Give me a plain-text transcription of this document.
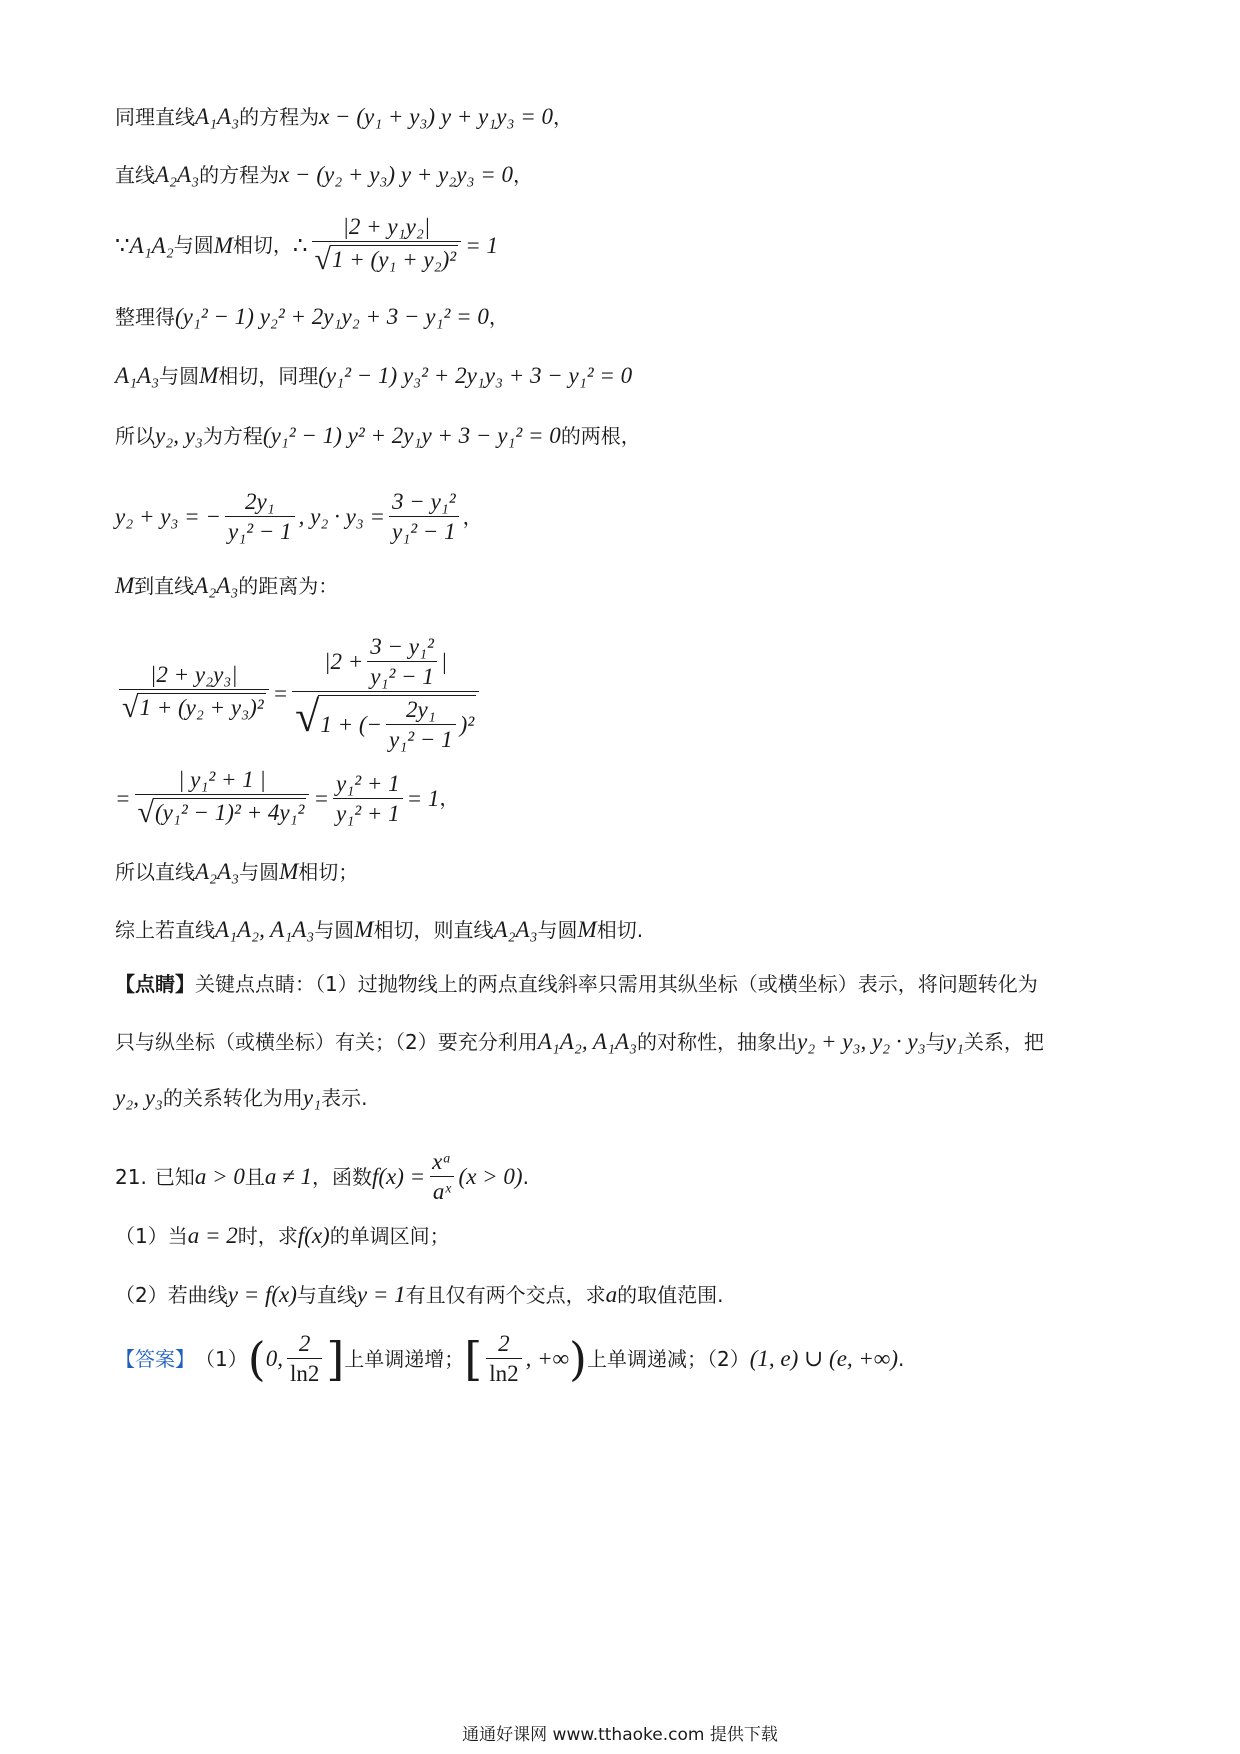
同理直线 A₁A₃ 的方程为 x − (y₁ + y₃) y + y₁y₃ = 0 ，
直线 A₂A₃ 的方程为 x − (y₂ + y₃) y + y₂y₃ = 0 ，
∵ A₁A₂ 与圆 M 相切， ∴ $\frac{\text{|2 + y₁y₂|}}{\text{√ 1 + (y₁ + y₂)²}} = 1$
整理得 (y₁² − 1) y₂² + 2y₁y₂ + 3 − y₁² = 0 ，
A₁A₃ 与圆 M 相切，同理 (y₁² − 1) y₃² + 2y₁y₃ + 3 − y₁² = 0
所以 y₂, y₃ 为方程 (y₁² − 1) y² + 2y₁y + 3 − y₁² = 0 的两根，
y₂ + y₃ = − $\frac{\text{2y₁}}{\text{y₁² − 1}}$ , $y_2 \cdot y_3 = \frac{\text{3 − y₁²}}{\text{y₁² − 1}}$ ，
M 到直线 A₂A₃ 的距离为：
$\frac{\text{|2 + y₂y₃|}}{\text{√ 1 + (y₂ + y₃)²}}$ =
$|2 + \frac{\text{3 − y₁²}}{\text{y₁² − 1}}$ |
√ 1 + (− $\frac{\text{2y₁}}{\text{y₁² − 1}} )^2$
= $\frac{\text{| y₁² + 1 |}}{\text{√ (y₁² − 1)² + 4y₁²}} = \frac{\text{y₁² + 1}}{\text{y₁² + 1}} = 1$ ，
所以直线 A₂A₃ 与圆 M 相切；
综上若直线 A₁A₂, A₁A₃ 与圆 M 相切，则直线 A₂A₃ 与圆 M 相切.
【点睛】 关键点点睛：（1）过抛物线上的两点直线斜率只需用其纵坐标（或横坐标）表示，将问题转化为
只与纵坐标（或横坐标）有关；（2）要充分利用 A₁A₂, A₁A₃ 的对称性，抽象出 y₂ + y₃, y₂ · y₃ 与 y₁ 关系，把
y₂, y₃ 的关系转化为用 y₁ 表示.
21. 已知 a > 0 且 a ≠ 1 ，函数 $f(x) = \frac{\text{xᵃ}}{\text{aˣ}} (x > 0)$ .
（1）当 a = 2 时，求 f(x) 的单调区间；
（2）若曲线 y = f(x) 与直线 y = 1 有且仅有两个交点，求 a 的取值范围.
【答案】 （1） ( 0, $\frac{2}{\ln 2}$ ] 上单调递增； [ $\frac{2}{\ln 2}$ , +∞ ) 上单调递减；（2） (1, e) ∪ (e, +∞) .
通通好课网 www.tthaoke.com 提供下载
